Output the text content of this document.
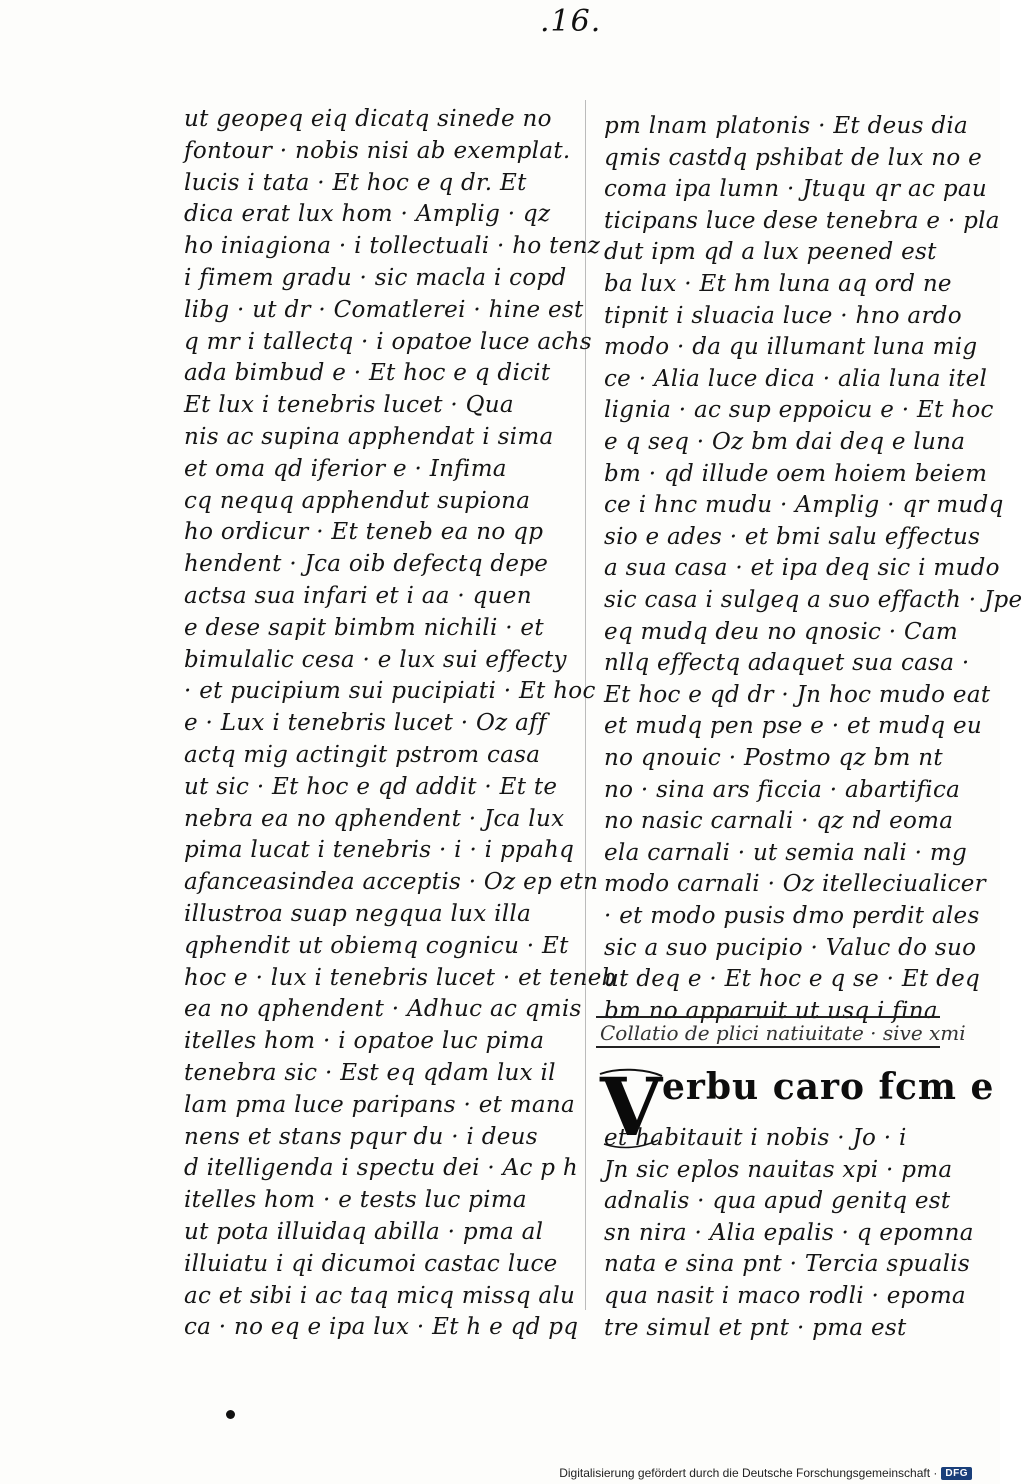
.16.
ut geopeq eiq dicatq sinede no
fontour · nobis nisi ab exemplat.
lucis i tata · Et hoc e q dr. Et
dica erat lux hom · Amplig · qz
ho iniagiona · i tollectuali · ho tenz
i fimem gradu · sic macla i copd
libg · ut dr · Comatlerei · hine est
q mr i tallectq · i opatoe luce achs
ada bimbud e · Et hoc e q dicit
Et lux i tenebris lucet · Qua
nis ac supina apphendat i sima
et oma qd iferior e · Infima
cq nequq apphendut supiona
ho ordicur · Et teneb ea no qp
hendent · Jca oib defectq depe
actsa sua infari et i aa · quen
e dese sapit bimbm nichili · et
bimulalic cesa · e lux sui effecty
· et pucipium sui pucipiati · Et hoc
e · Lux i tenebris lucet · Oz aff
actq mig actingit pstrom casa
ut sic · Et hoc e qd addit · Et te
nebra ea no qphendent · Jca lux
pima lucat i tenebris · i · i ppahq
afanceasindea acceptis · Oz ep etn
illustroa suap negqua lux illa
qphendit ut obiemq cognicu · Et
hoc e · lux i tenebris lucet · et teneb
ea no qphendent · Adhuc ac qmis
itelles hom · i opatoe luc pima
tenebra sic · Est eq qdam lux il
lam pma luce paripans · et mana
nens et stans pqur du · i deus
d itelligenda i spectu dei · Ac p h
itelles hom · e tests luc pima
ut pota illuidaq abilla · pma al
illuiatu i qi dicumoi castac luce
ac et sibi i ac taq micq missq alu
ca · no eq e ipa lux · Et h e qd pq
pm lnam platonis · Et deus dia
qmis castdq pshibat de lux no e
coma ipa lumn · Jtuqu qr ac pau
ticipans luce dese tenebra e · pla
dut ipm qd a lux peened est
ba lux · Et hm luna aq ord ne
tipnit i sluacia luce · hno ardo
modo · da qu illumant luna mig
ce · Alia luce dica · alia luna itel
lignia · ac sup eppoicu e · Et hoc
e q seq · Oz bm dai deq e luna
bm · qd illude oem hoiem beiem
ce i hnc mudu · Amplig · qr mudq
sio e ades · et bmi salu effectus
a sua casa · et ipa deq sic i mudo
sic casa i sulgeq a suo effacth · Jpe
eq mudq deu no qnosic · Cam
nllq effectq adaquet sua casa ·
Et hoc e qd dr · Jn hoc mudo eat
et mudq pen pse e · et mudq eu
no qnouic · Postmo qz bm nt
no · sina ars ficcia · abartifica
no nasic carnali · qz nd eoma
ela carnali · ut semia nali · mg
modo carnali · Oz itelleciualicer
· et modo pusis dmo perdit ales
sic a suo pucipio · Valuc do suo
ut deq e · Et hoc e q se · Et deq
bm no apparuit ut usq i fina
Collatio de plici natiuitate · sive xmi
V erbu caro fcm e
et habitauit i nobis · Jo · i
Jn sic eplos nauitas xpi · pma
adnalis · qua apud genitq est
sn nira · Alia epalis · q epomna
nata e sina pnt · Tercia spualis
qua nasit i maco rodli · epoma
tre simul et pnt · pma est
Digitalisierung gefördert durch die Deutsche Forschungsgemeinschaft · DFG
